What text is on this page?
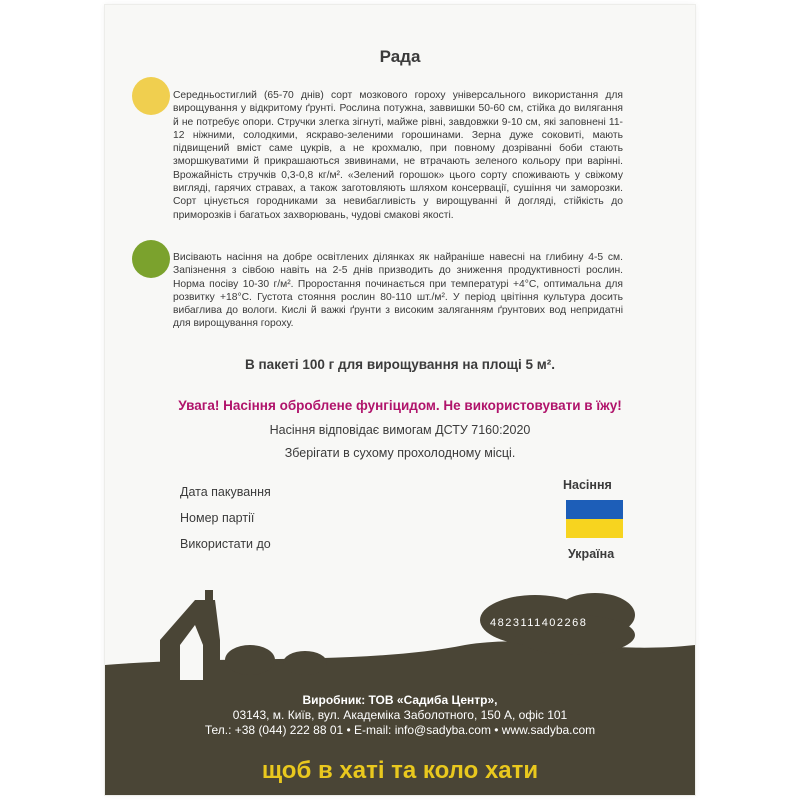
Рада
Середньостиглий (65-70 днів) сорт мозкового гороху універсального використання для вирощування у відкритому ґрунті. Рослина потужна, заввишки 50-60 см, стійка до вилягання й не потребує опори. Стручки злегка зігнуті, майже рівні, завдовжки 9-10 см, які заповнені 11-12 ніжними, солодкими, яскраво-зеленими горошинами. Зерна дуже соковиті, мають підвищений вміст саме цукрів, а не крохмалю, при повному дозріванні боби стають зморшкуватими й прикрашаються звивинами, не втрачають зеленого кольору при варінні. Врожайність стручків 0,3-0,8 кг/м². «Зелений горошок» цього сорту споживають у свіжому вигляді, гарячих стравах, а також заготовляють шляхом консервації, сушіння чи заморозки. Сорт цінується городниками за невибагливість у вирощуванні й догляді, стійкість до приморозків і багатьох захворювань, чудові смакові якості.
Висівають насіння на добре освітлених ділянках як найраніше навесні на глибину 4-5 см. Запізнення з сівбою навіть на 2-5 днів призводить до зниження продуктивності рослин. Норма посіву 10-30 г/м². Проростання починається при температурі +4°C, оптимальна для розвитку +18°C. Густота стояння рослин 80-110 шт./м². У період цвітіння культура досить вибаглива до вологи. Кислі й важкі ґрунти з високим заляганням ґрунтових вод непридатні для вирощування гороху.
В пакеті 100 г для вирощування на площі 5 м².
Увага! Насіння оброблене фунгіцидом. Не використовувати в їжу!
Насіння відповідає вимогам ДСТУ 7160:2020
Зберігати в сухому прохолодному місці.
Дата пакування
Номер партії
Використати до
Насіння
Україна
4823111402268
Виробник: ТОВ «Садиба Центр»,
03143, м. Київ, вул. Академіка Заболотного, 150 А, офіс 101
Тел.: +38 (044) 222 88 01 • E-mail: info@sadyba.com • www.sadyba.com
щоб в хаті та коло хати
